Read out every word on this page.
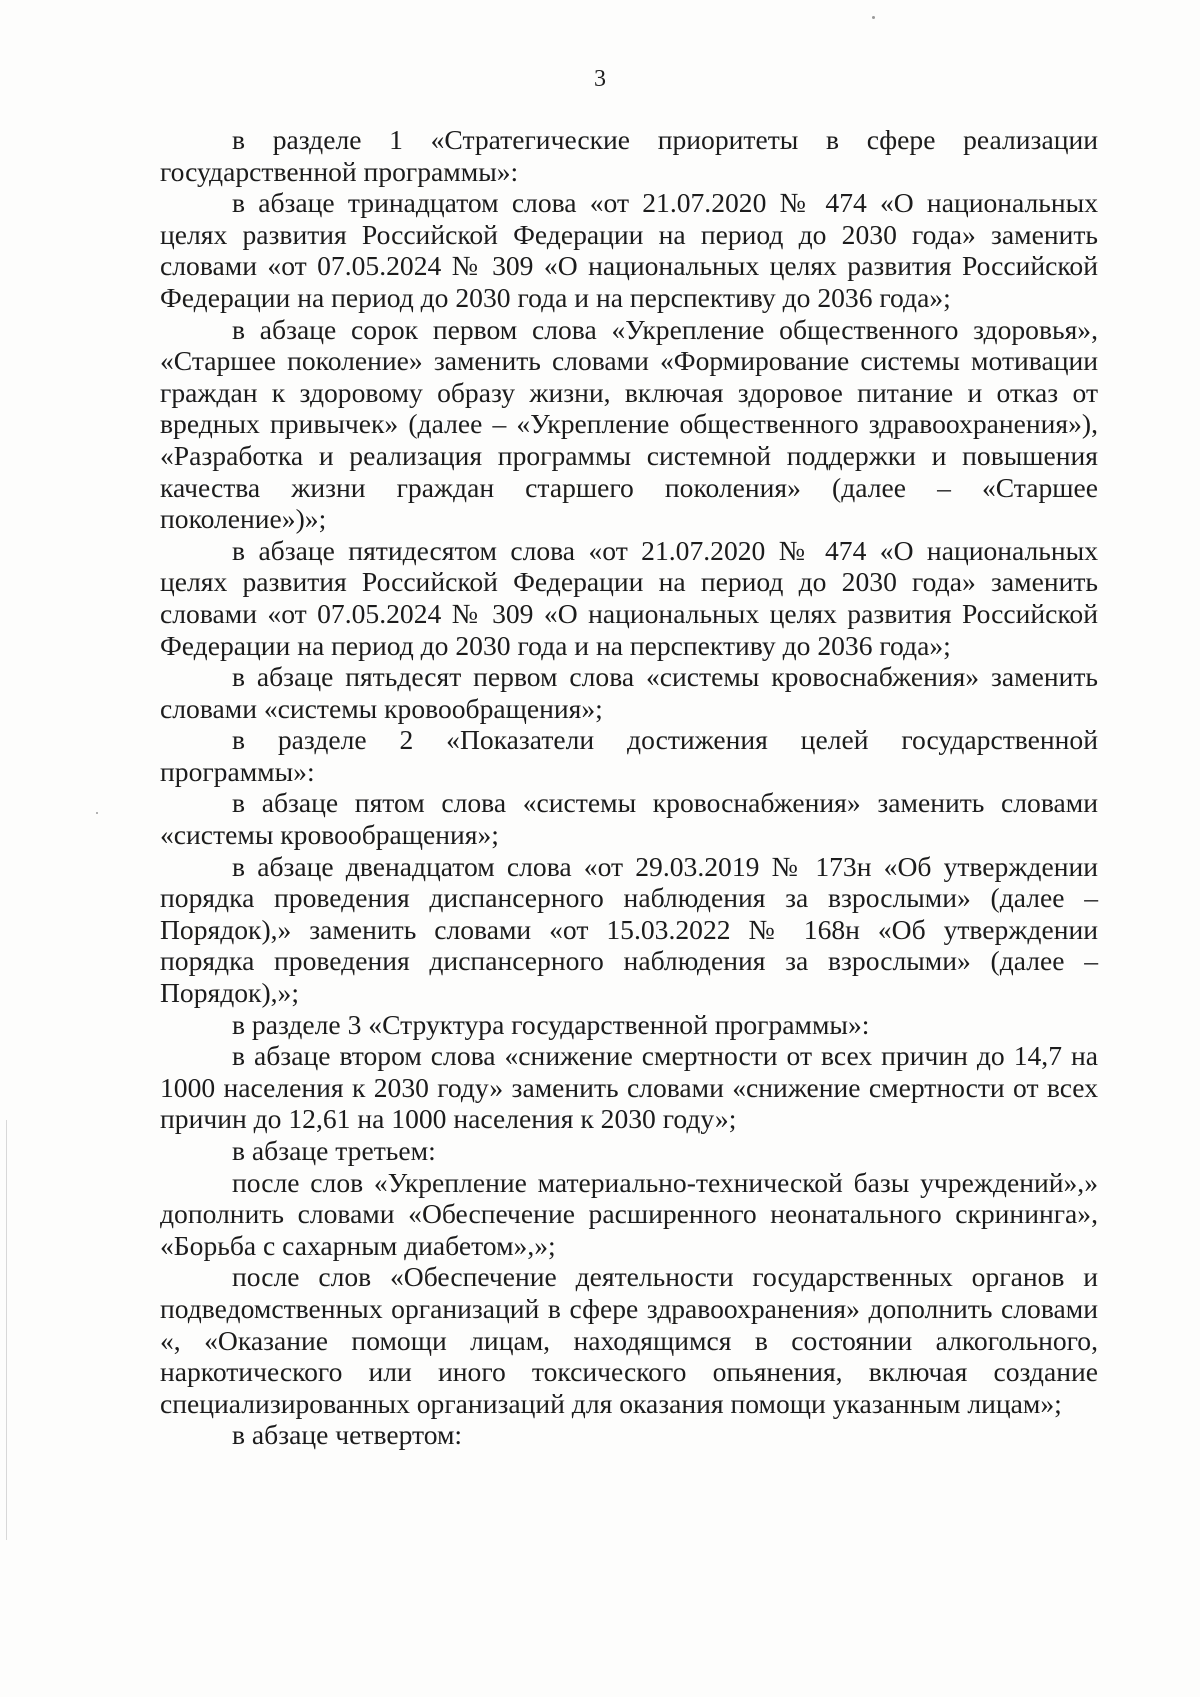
3

в разделе 1 «Стратегические приоритеты в сфере реализации государственной программы»:

в абзаце тринадцатом слова «от 21.07.2020 № 474 «О национальных целях развития Российской Федерации на период до 2030 года» заменить словами «от 07.05.2024 № 309 «О национальных целях развития Российской Федерации на период до 2030 года и на перспективу до 2036 года»;

в абзаце сорок первом слова «Укрепление общественного здоровья», «Старшее поколение» заменить словами «Формирование системы мотивации граждан к здоровому образу жизни, включая здоровое питание и отказ от вредных привычек» (далее – «Укрепление общественного здравоохранения»), «Разработка и реализация программы системной поддержки и повышения качества жизни граждан старшего поколения» (далее – «Старшее поколение»)»;

в абзаце пятидесятом слова «от 21.07.2020 № 474 «О национальных целях развития Российской Федерации на период до 2030 года» заменить словами «от 07.05.2024 № 309 «О национальных целях развития Российской Федерации на период до 2030 года и на перспективу до 2036 года»;

в абзаце пятьдесят первом слова «системы кровоснабжения» заменить словами «системы кровообращения»;

в разделе 2 «Показатели достижения целей государственной программы»:

в абзаце пятом слова «системы кровоснабжения» заменить словами «системы кровообращения»;

в абзаце двенадцатом слова «от 29.03.2019 № 173н «Об утверждении порядка проведения диспансерного наблюдения за взрослыми» (далее – Порядок),» заменить словами «от 15.03.2022 № 168н «Об утверждении порядка проведения диспансерного наблюдения за взрослыми» (далее – Порядок),»;

в разделе 3 «Структура государственной программы»:

в абзаце втором слова «снижение смертности от всех причин до 14,7 на 1000 населения к 2030 году» заменить словами «снижение смертности от всех причин до 12,61 на 1000 населения к 2030 году»;

в абзаце третьем:

после слов «Укрепление материально-технической базы учреждений»,» дополнить словами «Обеспечение расширенного неонатального скрининга», «Борьба с сахарным диабетом»,»;

после слов «Обеспечение деятельности государственных органов и подведомственных организаций в сфере здравоохранения» дополнить словами «, «Оказание помощи лицам, находящимся в состоянии алкогольного, наркотического или иного токсического опьянения, включая создание специализированных организаций для оказания помощи указанным лицам»;

в абзаце четвертом:
